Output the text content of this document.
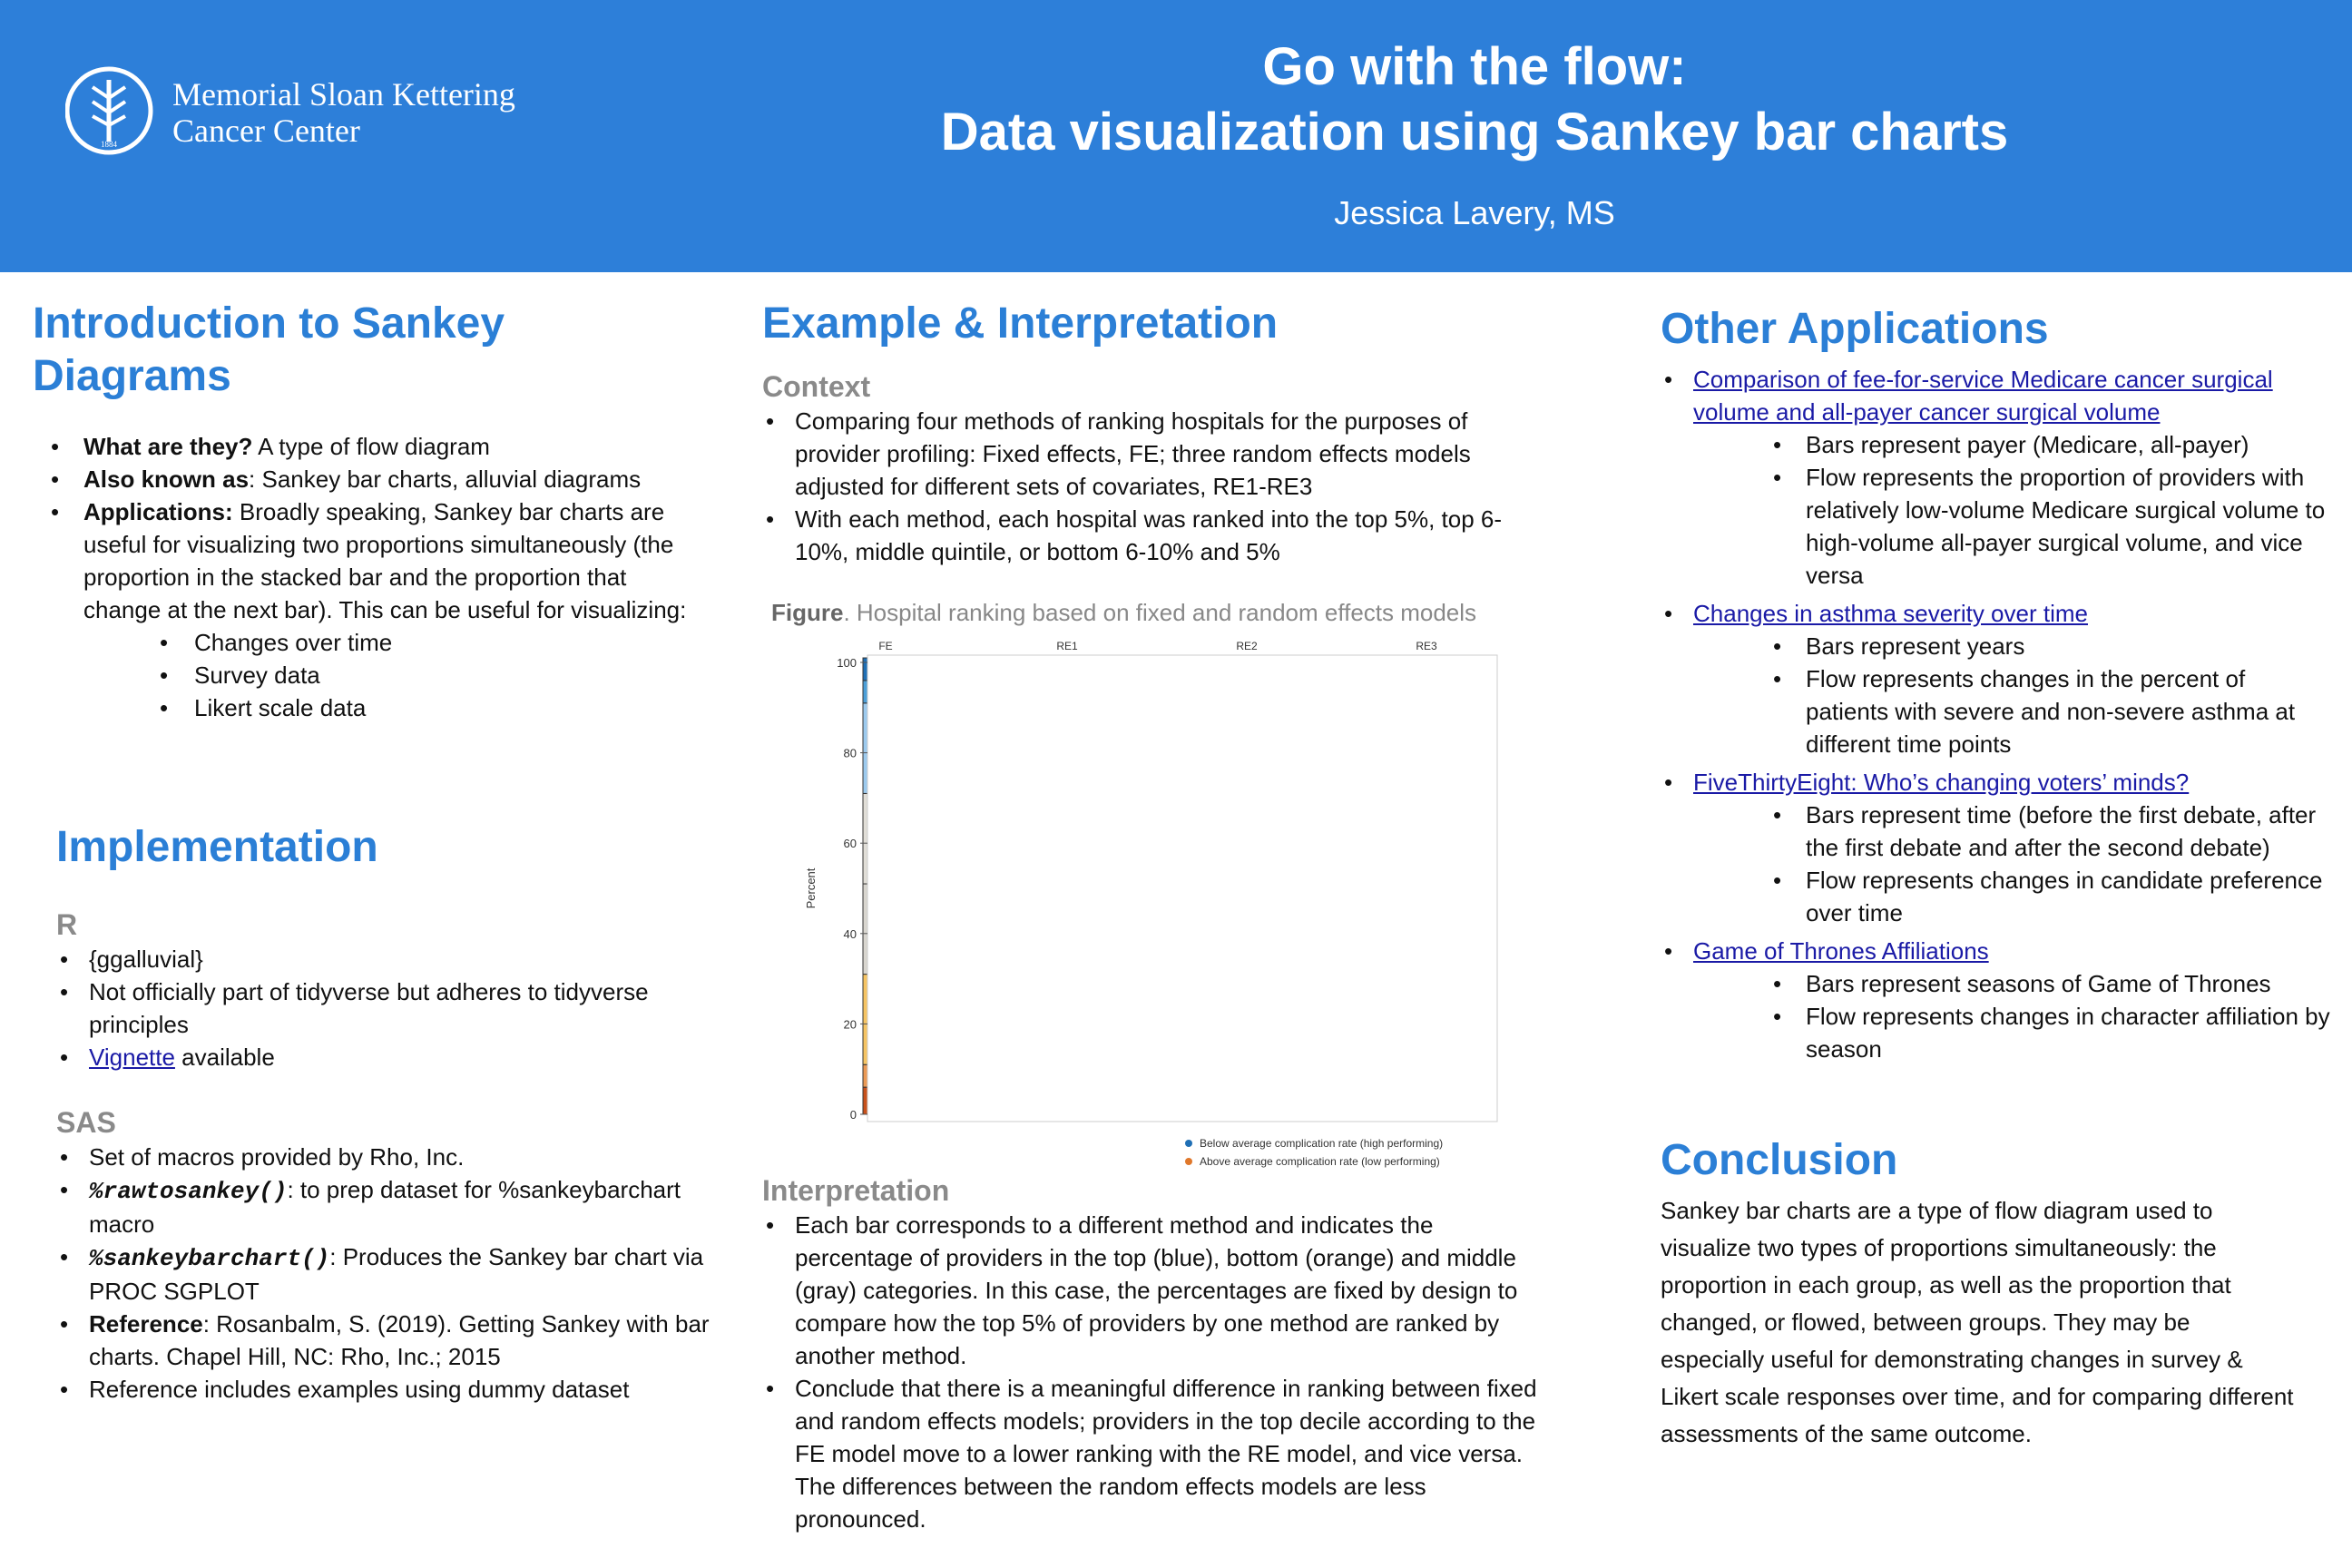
1884
Memorial Sloan Kettering
Cancer Center
Go with the flow:
Data visualization using Sankey bar charts
Jessica Lavery, MS
Introduction to Sankey
Diagrams
• What are they? A type of flow diagram
• Also known as: Sankey bar charts, alluvial diagrams
• Applications: Broadly speaking, Sankey bar charts are useful for visualizing two proportions simultaneously (the proportion in the stacked bar and the proportion that change at the next bar). This can be useful for visualizing:
• Changes over time
• Survey data
• Likert scale data
Implementation
R
• {ggalluvial}
• Not officially part of tidyverse but adheres to tidyverse principles
• Vignette available
SAS
• Set of macros provided by Rho, Inc.
• %rawtosankey(): to prep dataset for %sankeybarchart macro
• %sankeybarchart(): Produces the Sankey bar chart via PROC SGPLOT
• Reference: Rosanbalm, S. (2019). Getting Sankey with bar charts. Chapel Hill, NC: Rho, Inc.; 2015
• Reference includes examples using dummy dataset
Example & Interpretation
Context
• Comparing four methods of ranking hospitals for the purposes of provider profiling: Fixed effects, FE; three random effects models adjusted for different sets of covariates, RE1-RE3
• With each method, each hospital was ranked into the top 5%, top 6-10%, middle quintile, or bottom 6-10% and 5%
Figure. Hospital ranking based on fixed and random effects models
FE	RE1	RE2	RE3
0
20
40
60
80
100
Percent
Below average complication rate (high performing)
Above average complication rate (low performing)
Interpretation
• Each bar corresponds to a different method and indicates the percentage of providers in the top (blue), bottom (orange) and middle (gray) categories. In this case, the percentages are fixed by design to compare how the top 5% of providers by one method are ranked by another method.
• Conclude that there is a meaningful difference in ranking between fixed and random effects models; providers in the top decile according to the FE model move to a lower ranking with the RE model, and vice versa. The differences between the random effects models are less pronounced.
Other Applications
• Comparison of fee-for-service Medicare cancer surgical volume and all-payer cancer surgical volume
• Bars represent payer (Medicare, all-payer)
• Flow represents the proportion of providers with relatively low-volume Medicare surgical volume to high-volume all-payer surgical volume, and vice versa
• Changes in asthma severity over time
• Bars represent years
• Flow represents changes in the percent of patients with severe and non-severe asthma at different time points
• FiveThirtyEight: Who’s changing voters’ minds?
• Bars represent time (before the first debate, after the first debate and after the second debate)
• Flow represents changes in candidate preference over time
• Game of Thrones Affiliations
• Bars represent seasons of Game of Thrones
• Flow represents changes in character affiliation by season
Conclusion
Sankey bar charts are a type of flow diagram used to visualize two types of proportions simultaneously: the proportion in each group, as well as the proportion that changed, or flowed, between groups. They may be especially useful for demonstrating changes in survey & Likert scale responses over time, and for comparing different assessments of the same outcome.
